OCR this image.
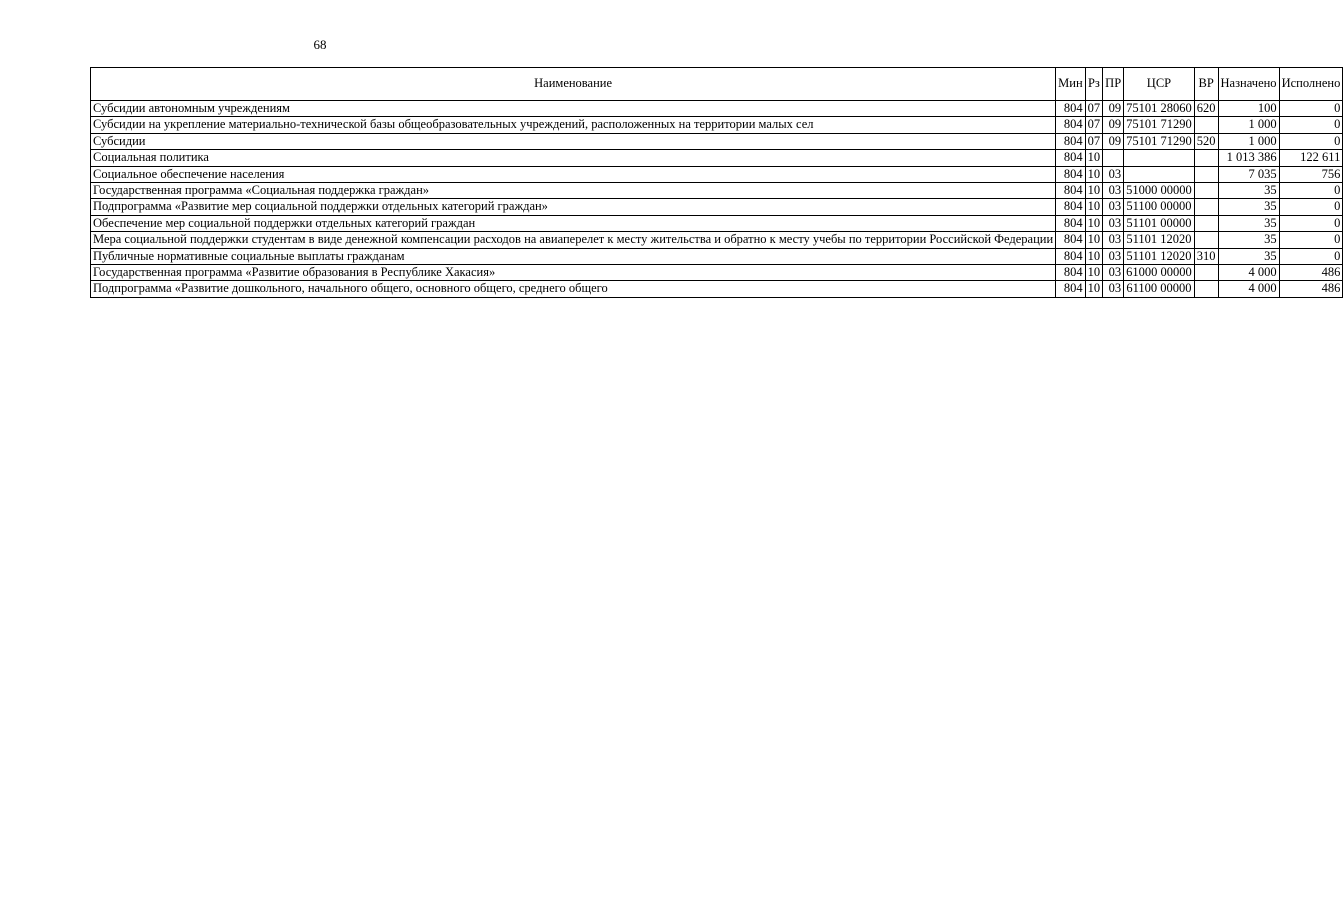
68
Наименование	Мин	Рз	ПР	ЦСР	ВР	Назначено	Исполнено
Субсидии автономным учреждениям	804	07	09	75101 28060	620	100	0
Субсидии на укрепление материально-технической базы общеобразовательных учреждений, расположенных на территории малых сел	804	07	09	75101 71290		1 000	0
Субсидии	804	07	09	75101 71290	520	1 000	0
Социальная политика	804	10				1 013 386	122 611
Социальное обеспечение населения	804	10	03			7 035	756
Государственная программа «Социальная поддержка граждан»	804	10	03	51000 00000		35	0
Подпрограмма «Развитие мер социальной поддержки отдельных категорий граждан»	804	10	03	51100 00000		35	0
Обеспечение мер социальной поддержки отдельных категорий граждан	804	10	03	51101 00000		35	0
Мера социальной поддержки студентам в виде денежной компенсации расходов на авиаперелет к месту жительства и обратно к месту учебы по территории Российской Федерации	804	10	03	51101 12020		35	0
Публичные нормативные социальные выплаты гражданам	804	10	03	51101 12020	310	35	0
Государственная программа «Развитие образования в Республике Хакасия»	804	10	03	61000 00000		4 000	486
Подпрограмма «Развитие дошкольного, начального общего, основного общего, среднего общего	804	10	03	61100 00000		4 000	486
